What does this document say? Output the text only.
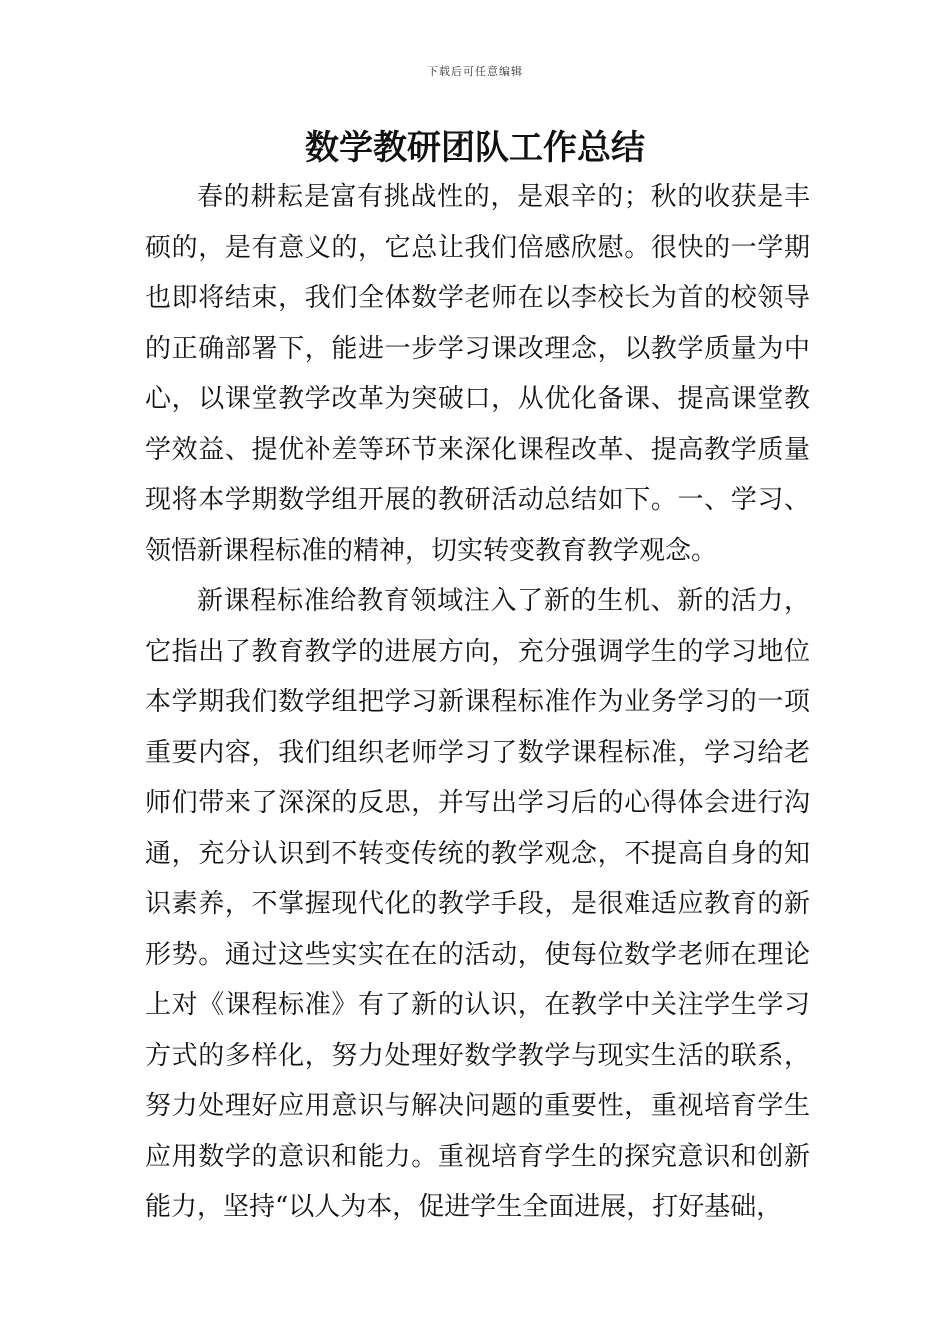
下载后可任意编辑
数学教研团队工作总结

春的耕耘是富有挑战性的，是艰辛的；秋的收获是丰硕的，是有意义的，它总让我们倍感欣慰。很快的一学期也即将结束，我们全体数学老师在以李校长为首的校领导的正确部署下，能进一步学习课改理念，以教学质量为中心，以课堂教学改革为突破口，从优化备课、提高课堂教学效益、提优补差等环节来深化课程改革、提高教学质量现将本学期数学组开展的教研活动总结如下。一、学习、领悟新课程标准的精神，切实转变教育教学观念。

新课程标准给教育领域注入了新的生机、新的活力，它指出了教育教学的进展方向，充分强调学生的学习地位本学期我们数学组把学习新课程标准作为业务学习的一项重要内容，我们组织老师学习了数学课程标准，学习给老师们带来了深深的反思，并写出学习后的心得体会进行沟通，充分认识到不转变传统的教学观念，不提高自身的知识素养，不掌握现代化的教学手段，是很难适应教育的新形势。通过这些实实在在的活动，使每位数学老师在理论上对《课程标准》有了新的认识，在教学中关注学生学习方式的多样化，努力处理好数学教学与现实生活的联系，努力处理好应用意识与解决问题的重要性，重视培育学生应用数学的意识和能力。重视培育学生的探究意识和创新能力，坚持“以人为本，促进学生全面进展，打好基础，
